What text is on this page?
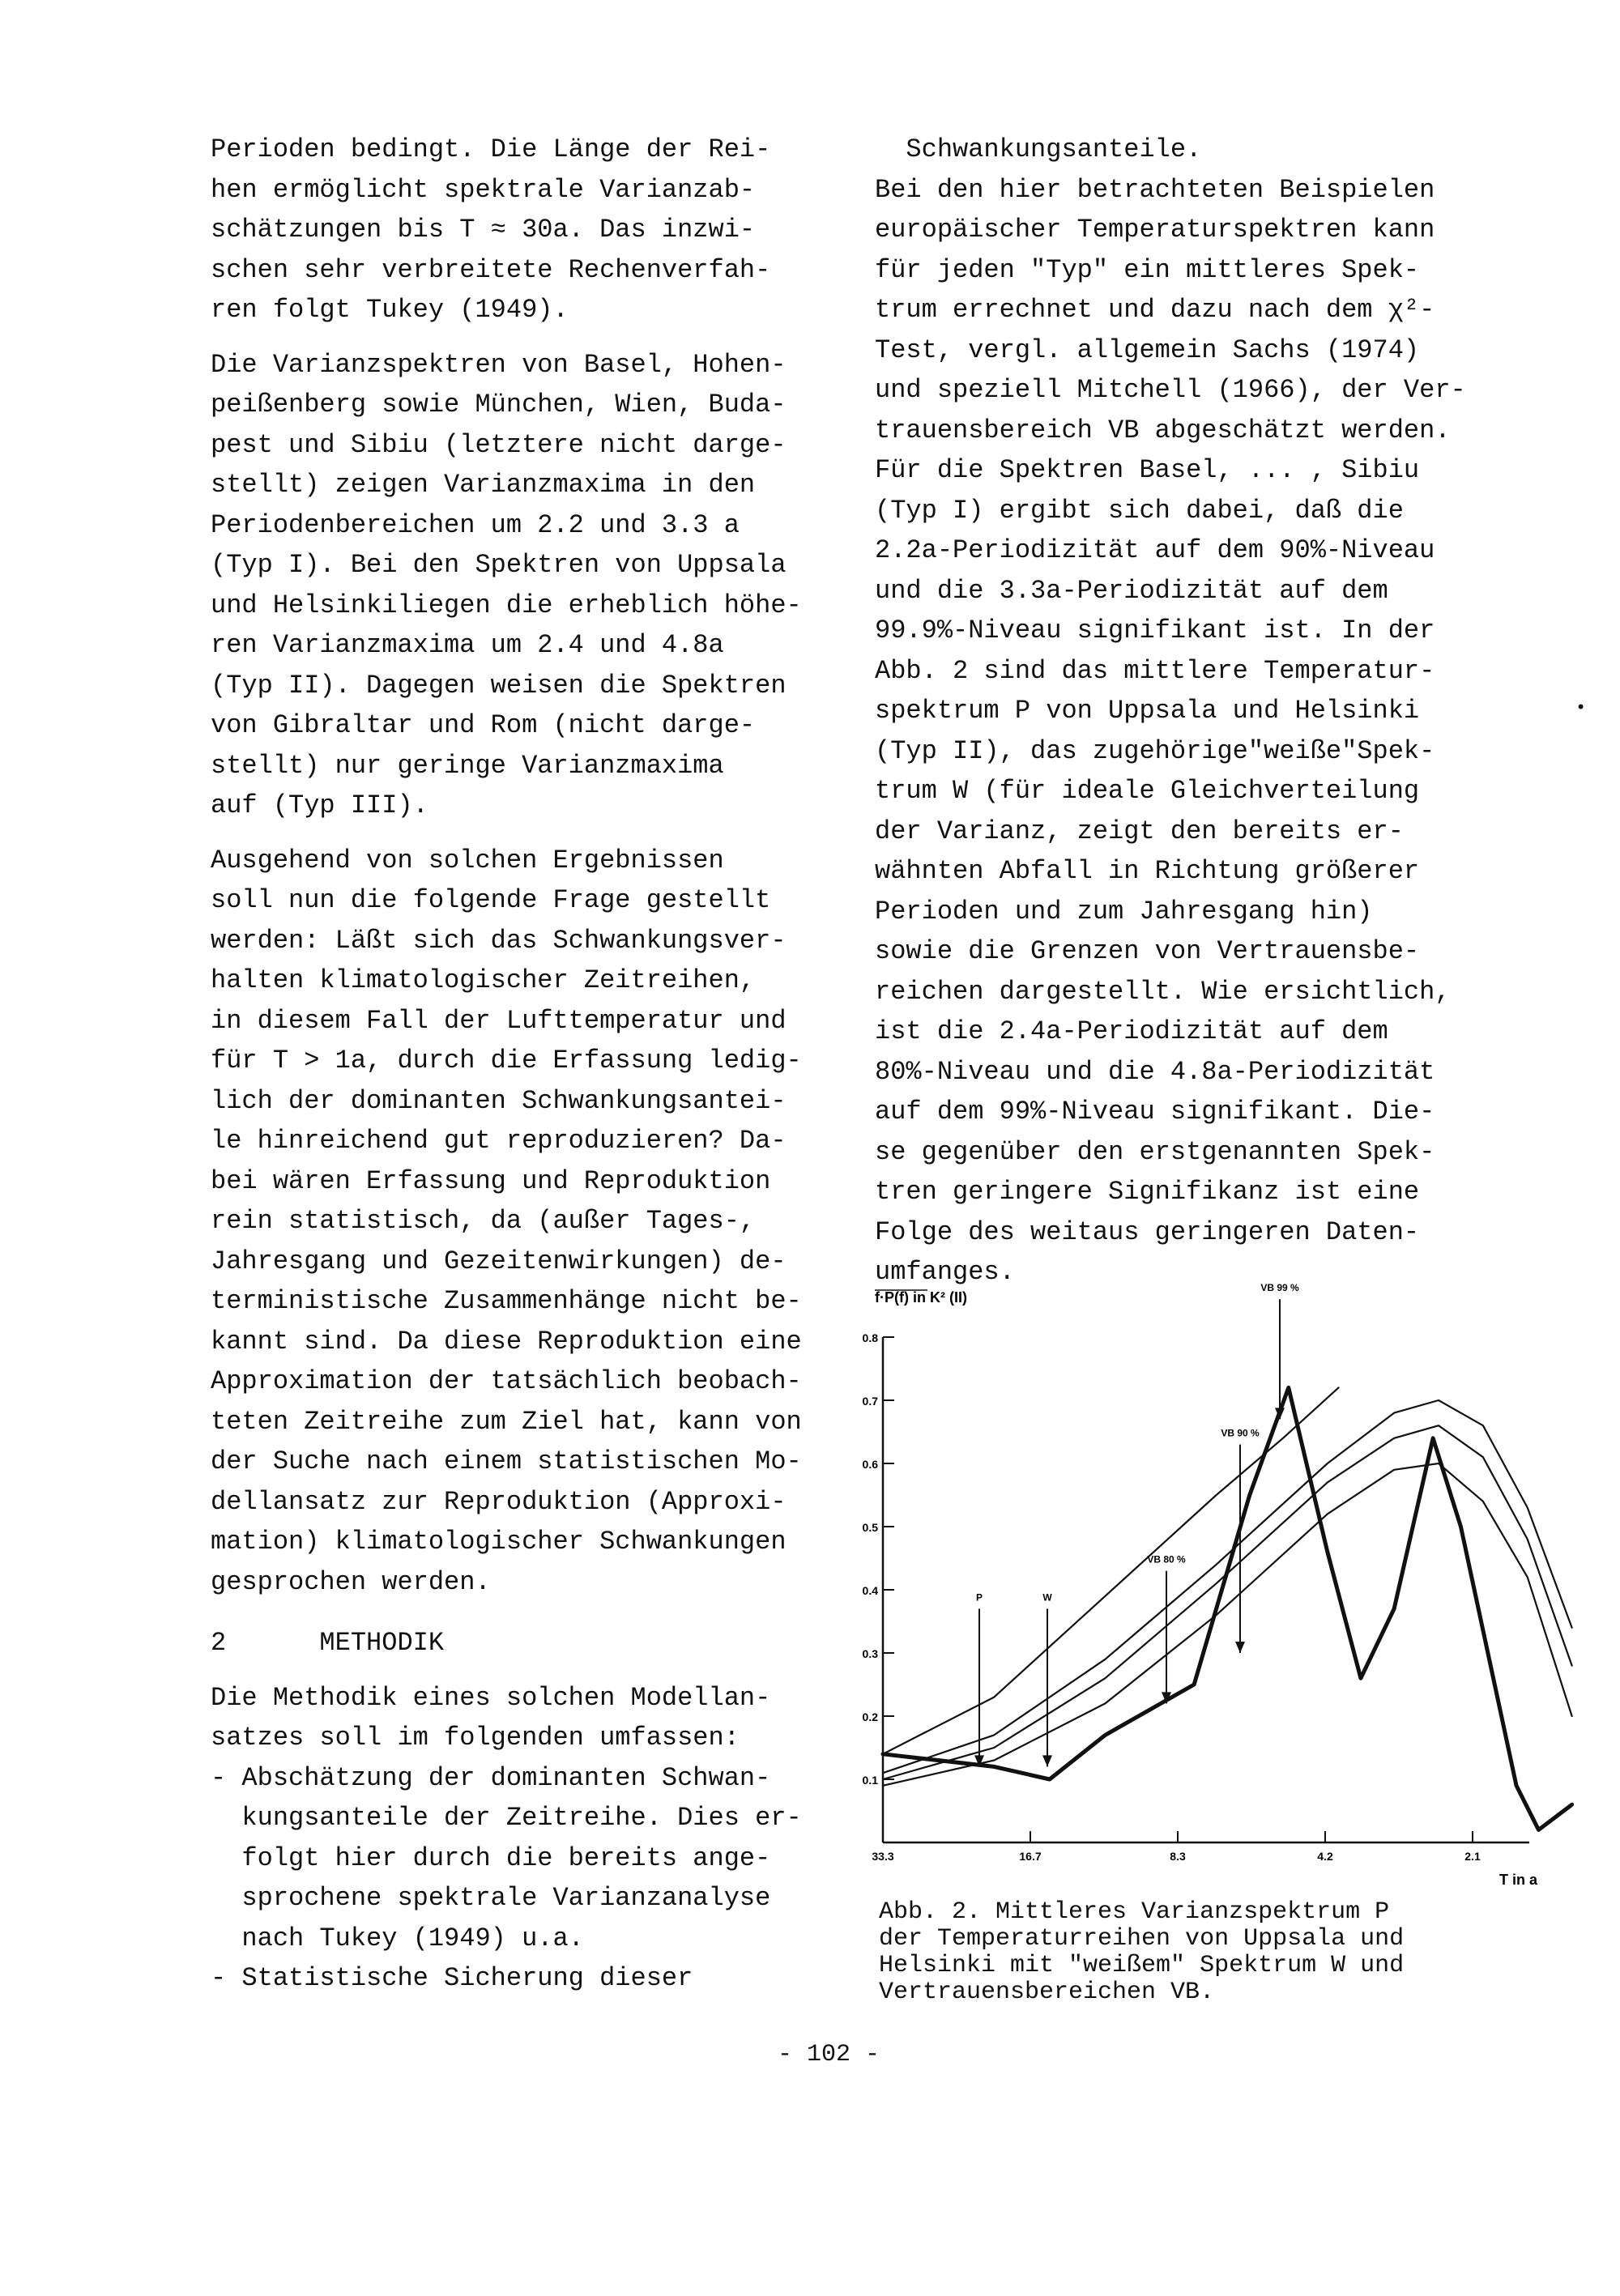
Perioden bedingt. Die Länge der Rei-

hen ermöglicht spektrale Varianzab-

schätzungen bis T ≈ 30a. Das inzwi-

schen sehr verbreitete Rechenverfah-

ren folgt Tukey (1949).

Die Varianzspektren von Basel, Hohen-

peißenberg sowie München, Wien, Buda-

pest und Sibiu (letztere nicht darge-

stellt) zeigen Varianzmaxima in den

Periodenbereichen um 2.2 und 3.3 a

(Typ I). Bei den Spektren von Uppsala

und Helsinkiliegen die erheblich höhe-

ren Varianzmaxima um 2.4 und 4.8a

(Typ II). Dagegen weisen die Spektren

von Gibraltar und Rom (nicht darge-

stellt) nur geringe Varianzmaxima

auf (Typ III).

Ausgehend von solchen Ergebnissen

soll nun die folgende Frage gestellt

werden: Läßt sich das Schwankungsver-

halten klimatologischer Zeitreihen,

in diesem Fall der Lufttemperatur und

für T > 1a, durch die Erfassung ledig-

lich der dominanten Schwankungsantei-

le hinreichend gut reproduzieren? Da-

bei wären Erfassung und Reproduktion

rein statistisch, da (außer Tages-,

Jahresgang und Gezeitenwirkungen) de-

terministische Zusammenhänge nicht be-

kannt sind. Da diese Reproduktion eine

Approximation der tatsächlich beobach-

teten Zeitreihe zum Ziel hat, kann von

der Suche nach einem statistischen Mo-

dellansatz zur Reproduktion (Approxi-

mation) klimatologischer Schwankungen

gesprochen werden.

2	METHODIK

Die Methodik eines solchen Modellan-

satzes soll im folgenden umfassen:

- Abschätzung der dominanten Schwan-

kungsanteile der Zeitreihe. Dies er-

folgt hier durch die bereits ange-

sprochene spektrale Varianzanalyse

nach Tukey (1949) u.a.

- Statistische Sicherung dieser

Schwankungsanteile.

Bei den hier betrachteten Beispielen

europäischer Temperaturspektren kann

für jeden "Typ" ein mittleres Spek-

trum errechnet und dazu nach dem χ²-

Test, vergl. allgemein Sachs (1974)

und speziell Mitchell (1966), der Ver-

trauensbereich VB abgeschätzt werden.

Für die Spektren Basel, ... , Sibiu

(Typ I) ergibt sich dabei, daß die

2.2a-Periodizität auf dem 90%-Niveau

und die 3.3a-Periodizität auf dem

99.9%-Niveau signifikant ist. In der

Abb. 2 sind das mittlere Temperatur-

spektrum P von Uppsala und Helsinki

(Typ II), das zugehörige"weiße"Spek-

trum W (für ideale Gleichverteilung

der Varianz, zeigt den bereits er-

wähnten Abfall in Richtung größerer

Perioden und zum Jahresgang hin)

sowie die Grenzen von Vertrauensbe-

reichen dargestellt. Wie ersichtlich,

ist die 2.4a-Periodizität auf dem

80%-Niveau und die 4.8a-Periodizität

auf dem 99%-Niveau signifikant. Die-

se gegenüber den erstgenannten Spek-

tren geringere Signifikanz ist eine

Folge des weitaus geringeren Daten-

umfanges.

•
0.8
0.7
0.6
0.5
0.4
0.3
0.2
0.1
33.3	16.7	8.3	4.2	2.1
f·P(f) in K² (II)
T in a
P	W
VB 80 %
VB 90 %
VB 99 %

Abb. 2. Mittleres Varianzspektrum P

der Temperaturreihen von Uppsala und

Helsinki mit "weißem" Spektrum W und

Vertrauensbereichen VB.

- 102 -
